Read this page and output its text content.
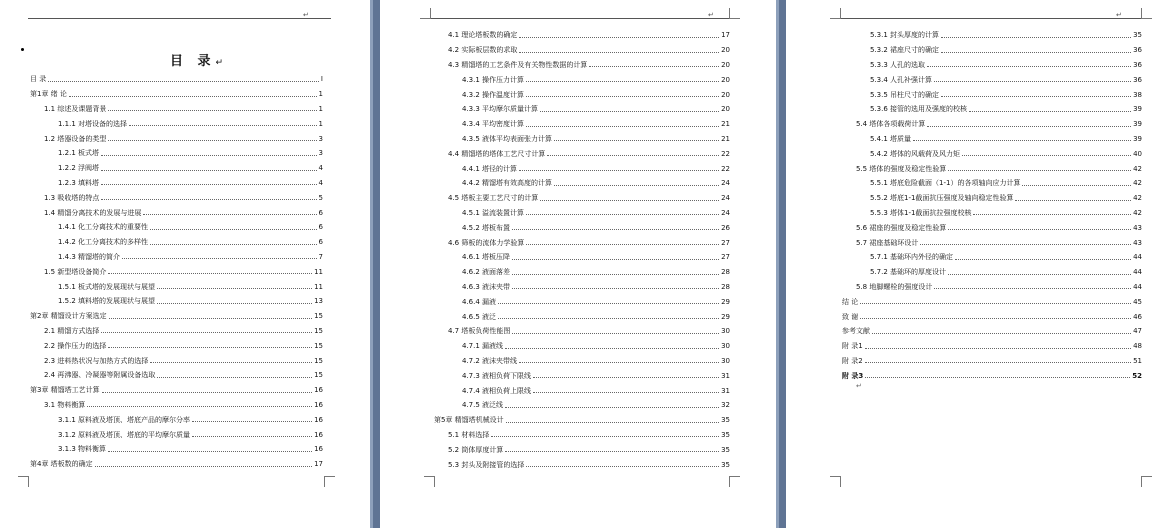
↵
目 录↵
目 录	I
第1章 绪 论	1
1.1 综述及课题背景	1
1.1.1 对塔设备的选择	1
1.2 塔器设备的类型	3
1.2.1 板式塔	3
1.2.2 浮阀塔	4
1.2.3 填料塔	4
1.3 吸收塔的特点	5
1.4 精馏分离技术的发展与进展	6
1.4.1 化工分离技术的重要性	6
1.4.2 化工分离技术的多样性	6
1.4.3 精馏塔的简介	7
1.5 新型塔设备简介	11
1.5.1 板式塔的发展现状与展望	11
1.5.2 填料塔的发展现状与展望	13
第2章 精馏设计方案选定	15
2.1 精馏方式选择	15
2.2 操作压力的选择	15
2.3 进料热状况与加热方式的选择	15
2.4 再沸器、冷凝器等附属设备选取	15
第3章 精馏塔工艺计算	16
3.1 物料衡算	16
3.1.1 原料液及塔顶、塔底产品的摩尔分率	16
3.1.2 原料液及塔顶、塔底的平均摩尔质量	16
3.1.3 物料衡算	16
第4章 塔板数的确定	17
↵
4.1 理论塔板数的确定	17
4.2 实际板层数的求取	20
4.3 精馏塔的工艺条件及有关物性数据的计算	20
4.3.1 操作压力计算	20
4.3.2 操作温度计算	20
4.3.3 平均摩尔质量计算	20
4.3.4 平均密度计算	21
4.3.5 液体平均表面张力计算	21
4.4 精馏塔的塔体工艺尺寸计算	22
4.4.1 塔径的计算	22
4.4.2 精馏塔有效高度的计算	24
4.5 塔板主要工艺尺寸的计算	24
4.5.1 溢流装置计算	24
4.5.2 塔板布置	26
4.6 筛板的流体力学验算	27
4.6.1 塔板压降	27
4.6.2 液面落差	28
4.6.3 液沫夹带	28
4.6.4 漏液	29
4.6.5 液泛	29
4.7 塔板负荷性能图	30
4.7.1 漏液线	30
4.7.2 液沫夹带线	30
4.7.3 液相负荷下限线	31
4.7.4 液相负荷上限线	31
4.7.5 液泛线	32
第5章 精馏塔机械设计	35
5.1 材料选择	35
5.2 筒体厚度计算	35
5.3 封头及附接管的选择	35
↵
5.3.1 封头厚度的计算	35
5.3.2 裙座尺寸的确定	36
5.3.3 人孔的选取	36
5.3.4 人孔补强计算	36
5.3.5 吊柱尺寸的确定	38
5.3.6 接管的选用及强度的校核	39
5.4 塔体各项载荷计算	39
5.4.1 塔质量	39
5.4.2 塔体的风载荷及风力矩	40
5.5 塔体的强度及稳定性验算	42
5.5.1 塔底危险截面（1-1）的各项轴向应力计算	42
5.5.2 塔底1-1截面抗压强度及轴向稳定性验算	42
5.5.3 塔体1-1截面抗拉强度校核	42
5.6 裙座的强度及稳定性验算	43
5.7 裙座基础环设计	43
5.7.1 基础环内外径的确定	44
5.7.2 基础环的厚度设计	44
5.8 地脚螺栓的强度设计	44
结 论	45
致 谢	46
参考文献	47
附 录1	48
附 录2	51
附 录3	52
↵
